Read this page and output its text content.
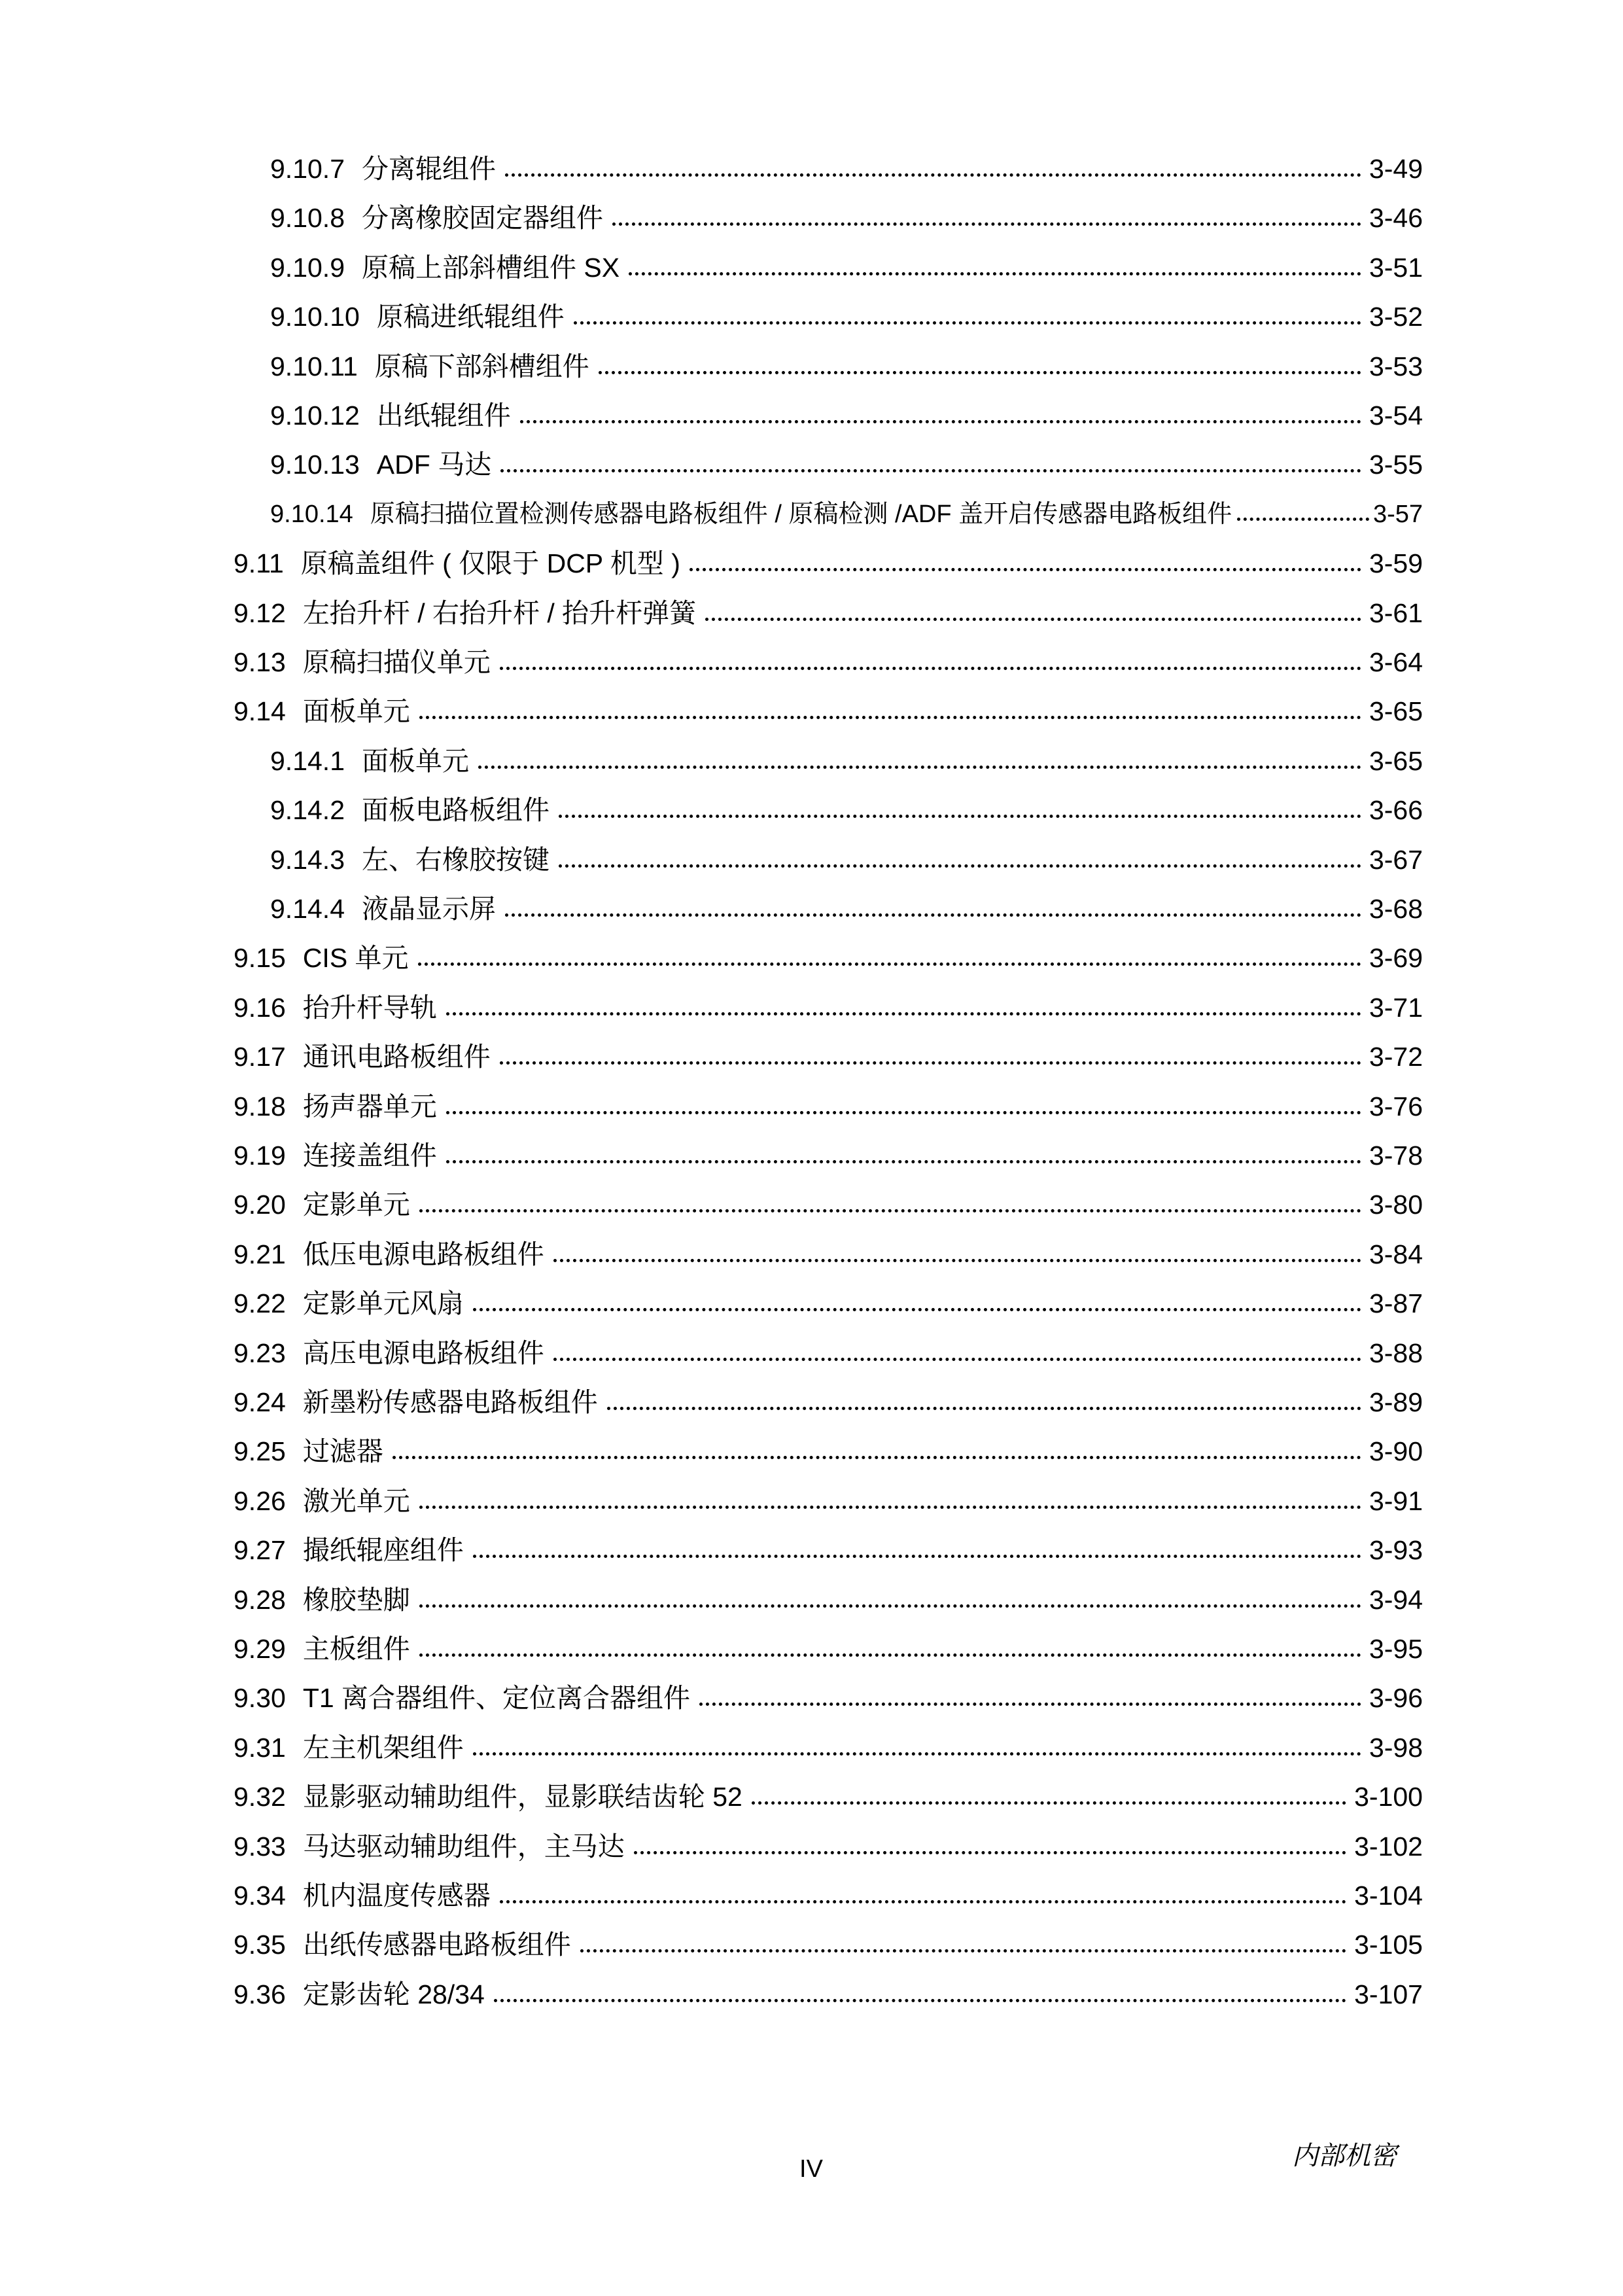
9.10.7 分离辊组件	3-49
9.10.8 分离橡胶固定器组件	3-46
9.10.9 原稿上部斜槽组件 SX	3-51
9.10.10 原稿进纸辊组件	3-52
9.10.11 原稿下部斜槽组件	3-53
9.10.12 出纸辊组件	3-54
9.10.13 ADF 马达	3-55
9.10.14 原稿扫描位置检测传感器电路板组件 / 原稿检测 /ADF 盖开启传感器电路板组件	3-57
9.11 原稿盖组件 ( 仅限于 DCP 机型 )	3-59
9.12 左抬升杆 / 右抬升杆 / 抬升杆弹簧	3-61
9.13 原稿扫描仪单元	3-64
9.14 面板单元	3-65
9.14.1 面板单元	3-65
9.14.2 面板电路板组件	3-66
9.14.3 左、右橡胶按键	3-67
9.14.4 液晶显示屏	3-68
9.15 CIS 单元	3-69
9.16 抬升杆导轨	3-71
9.17 通讯电路板组件	3-72
9.18 扬声器单元	3-76
9.19 连接盖组件	3-78
9.20 定影单元	3-80
9.21 低压电源电路板组件	3-84
9.22 定影单元风扇	3-87
9.23 高压电源电路板组件	3-88
9.24 新墨粉传感器电路板组件	3-89
9.25 过滤器	3-90
9.26 激光单元	3-91
9.27 撮纸辊座组件	3-93
9.28 橡胶垫脚	3-94
9.29 主板组件	3-95
9.30 T1 离合器组件、定位离合器组件	3-96
9.31 左主机架组件	3-98
9.32 显影驱动辅助组件，显影联结齿轮 52	3-100
9.33 马达驱动辅助组件，主马达	3-102
9.34 机内温度传感器	3-104
9.35 出纸传感器电路板组件	3-105
9.36 定影齿轮 28/34	3-107
IV	内部机密
